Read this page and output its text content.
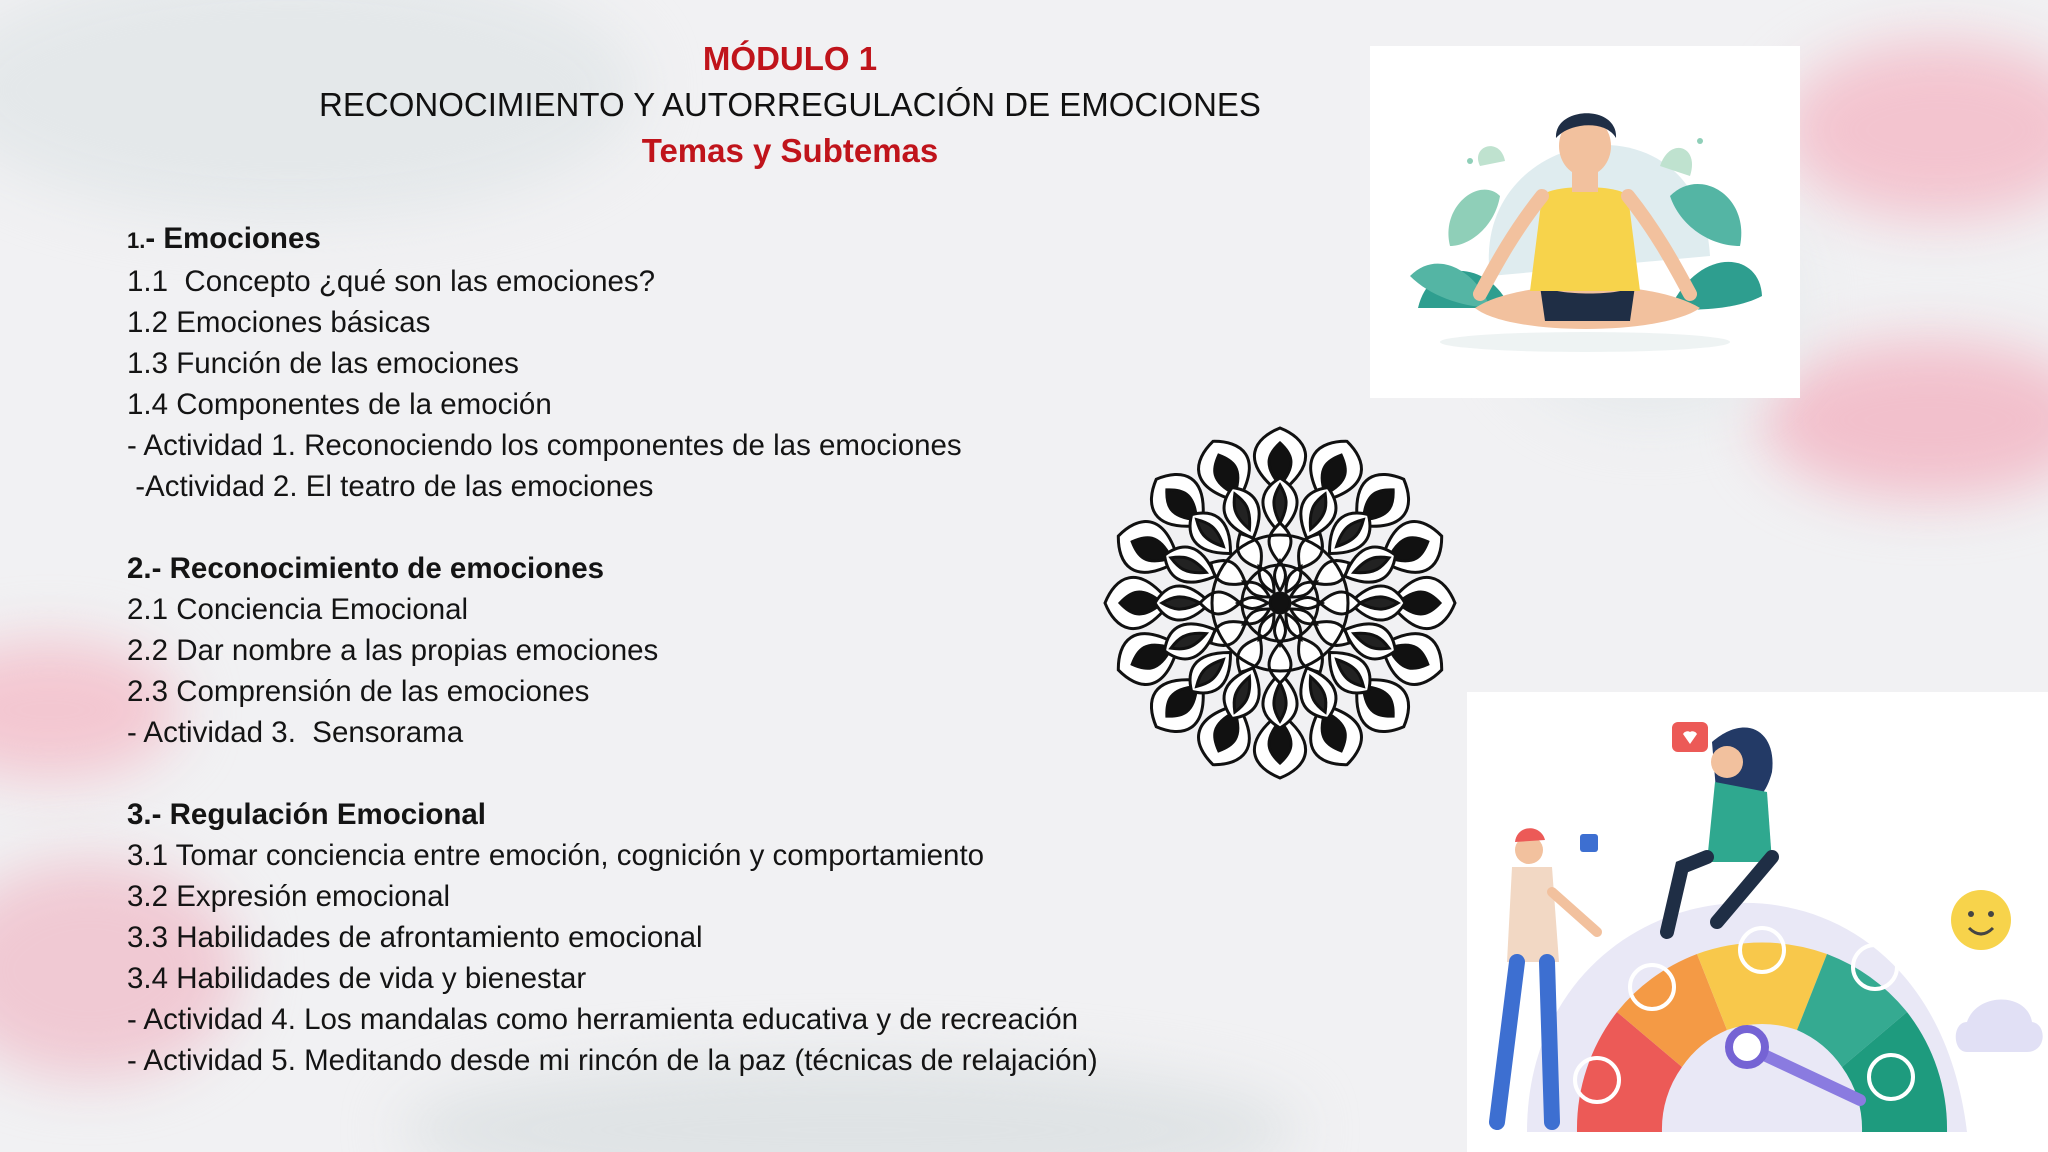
MÓDULO 1
RECONOCIMIENTO Y AUTORREGULACIÓN DE EMOCIONES
Temas y Subtemas
1.- Emociones
1.1  Concepto ¿qué son las emociones?
1.2 Emociones básicas
1.3 Función de las emociones
1.4 Componentes de la emoción
- Actividad 1. Reconociendo los componentes de las emociones
-Actividad 2. El teatro de las emociones
2.- Reconocimiento de emociones
2.1 Conciencia Emocional
2.2 Dar nombre a las propias emociones
2.3 Comprensión de las emociones
- Actividad 3.  Sensorama
3.- Regulación Emocional
3.1 Tomar conciencia entre emoción, cognición y comportamiento
3.2 Expresión emocional
3.3 Habilidades de afrontamiento emocional
3.4 Habilidades de vida y bienestar
- Actividad 4. Los mandalas como herramienta educativa y de recreación
- Actividad 5. Meditando desde mi rincón de la paz (técnicas de relajación)
